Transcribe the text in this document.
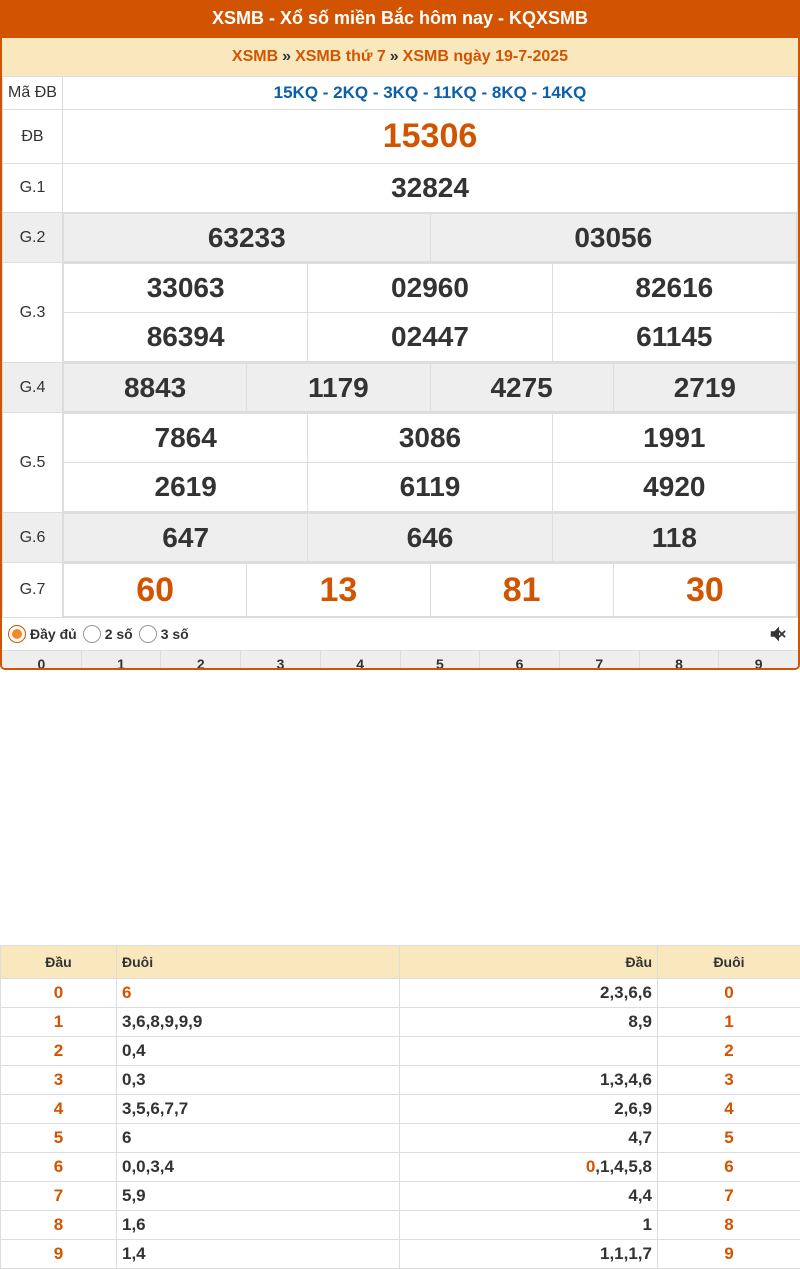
XSMB - Xổ số miền Bắc hôm nay - KQXSMB
XSMB » XSMB thứ 7 » XSMB ngày 19-7-2025
Mã ĐB	15KQ - 2KQ - 3KQ - 11KQ - 8KQ - 14KQ
ĐB	15306
G.1	32824
G.2		63233	03056

G.3	
33063	02960	82616
86394	02447	61145

G.4		8843	1179	4275	2719

G.5	
7864	3086	1991
2619	6119	4920

G.6		647	646	118

G.7		60	13	81	30
Đầy đủ 2 số 3 số
0	1	2	3	4	5	6	7	8	9
Đầu	Đuôi	Đầu	Đuôi
0	6	2,3,6,6	0
1	3,6,8,9,9,9	8,9	1
2	0,4		2
3	0,3	1,3,4,6	3
4	3,5,6,7,7	2,6,9	4
5	6	4,7	5
6	0,0,3,4	0,1,4,5,8	6
7	5,9	4,4	7
8	1,6	1	8
9	1,4	1,1,1,7	9
